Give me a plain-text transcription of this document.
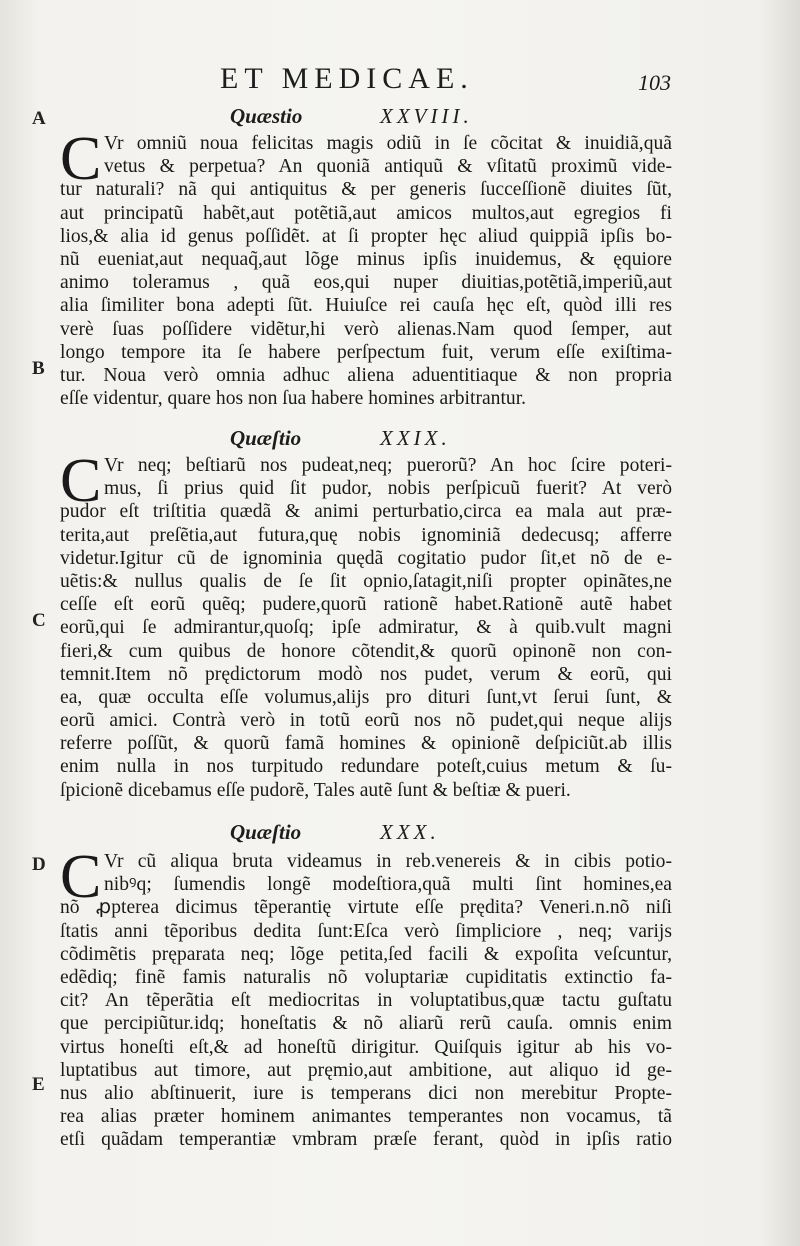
ET MEDICAE.	103
A
B
C
D
E
Quæstio	XXVIII.
C Vr omniũ noua felicitas magis odiũ in ſe cõcitat & inuidiã,quã
vetus & perpetua? An quoniã antiquũ & vſitatũ proximũ vide-
tur naturali? nã qui antiquitus & per generis ſucceſſionẽ diuites ſũt,
aut principatũ habẽt,aut potẽtiã,aut amicos multos,aut egregios fi
lios,& alia id genus poſſidẽt. at ſi propter hęc aliud quippiã ipſis bo-
nũ eueniat,aut nequaq̃,aut lõge minus ipſis inuidemus, & ęquiore
animo toleramus , quã eos,qui nuper diuitias,potẽtiã,imperiũ,aut
alia ſimiliter bona adepti ſũt. Huiuſce rei cauſa hęc eſt, quòd illi res
verè ſuas poſſidere vidẽtur,hi verò alienas.Nam quod ſemper, aut
longo tempore ita ſe habere perſpectum fuit, verum eſſe exiſtima-
tur. Noua verò omnia adhuc aliena aduentitiaque & non propria
eſſe videntur, quare hos non ſua habere homines arbitrantur.
Quæſtio	XXIX.
C Vr neq; beſtiarũ nos pudeat,neq; puerorũ? An hoc ſcire poteri-
mus, ſi prius quid ſit pudor, nobis perſpicuũ fuerit? At verò
pudor eſt triſtitia quædã & animi perturbatio,circa ea mala aut præ-
terita,aut preſẽtia,aut futura,quę nobis ignominiã dedecusq; afferre
videtur.Igitur cũ de ignominia quędã cogitatio pudor ſit,et nõ de e-
uẽtis:& nullus qualis de ſe ſit opnio,ſatagit,niſi propter opinãtes,ne
ceſſe eſt eorũ quẽq; pudere,quorũ rationẽ habet.Rationẽ autẽ habet
eorũ,qui ſe admirantur,quoſq; ipſe admiratur, & à quib.vult magni
fieri,& cum quibus de honore cõtendit,& quorũ opinonẽ non con-
temnit.Item nõ prędictorum modò nos pudet, verum & eorũ, qui
ea, quæ occulta eſſe volumus,alijs pro dituri ſunt,vt ſerui ſunt, &
eorũ amici. Contrà verò in totũ eorũ nos nõ pudet,qui neque alijs
referre poſſũt, & quorũ famã homines & opinionẽ deſpiciũt.ab illis
enim nulla in nos turpitudo redundare poteſt,cuius metum & ſu-
ſpicionẽ dicebamus eſſe pudorẽ, Tales autẽ ſunt & beſtiæ & pueri.
Quæſtio	XXX.
C Vr cũ aliqua bruta videamus in reb.venereis & in cibis potio-
nibꝰq; ſumendis longẽ modeſtiora,quã multi ſint homines,ea
nõ ꝓpterea dicimus tẽperantię virtute eſſe prędita? Veneri.n.nõ niſi
ſtatis anni tẽporibus dedita ſunt:Eſca verò ſimpliciore , neq; varijs
cõdimẽtis pręparata neq; lõge petita,ſed facili & expoſita veſcuntur,
edẽdiq; finẽ famis naturalis nõ voluptariæ cupiditatis extinctio fa-
cit? An tẽperãtia eſt mediocritas in voluptatibus,quæ tactu guſtatu
que percipiũtur.idq; honeſtatis & nõ aliarũ rerũ cauſa. omnis enim
virtus honeſti eſt,& ad honeſtũ dirigitur. Quiſquis igitur ab his vo-
luptatibus aut timore, aut pręmio,aut ambitione, aut aliquo id ge-
nus alio abſtinuerit, iure is temperans dici non merebitur Propte-
rea alias præter hominem animantes temperantes non vocamus, tã
etſi quãdam temperantiæ vmbram præſe ferant, quòd in ipſis ratio
